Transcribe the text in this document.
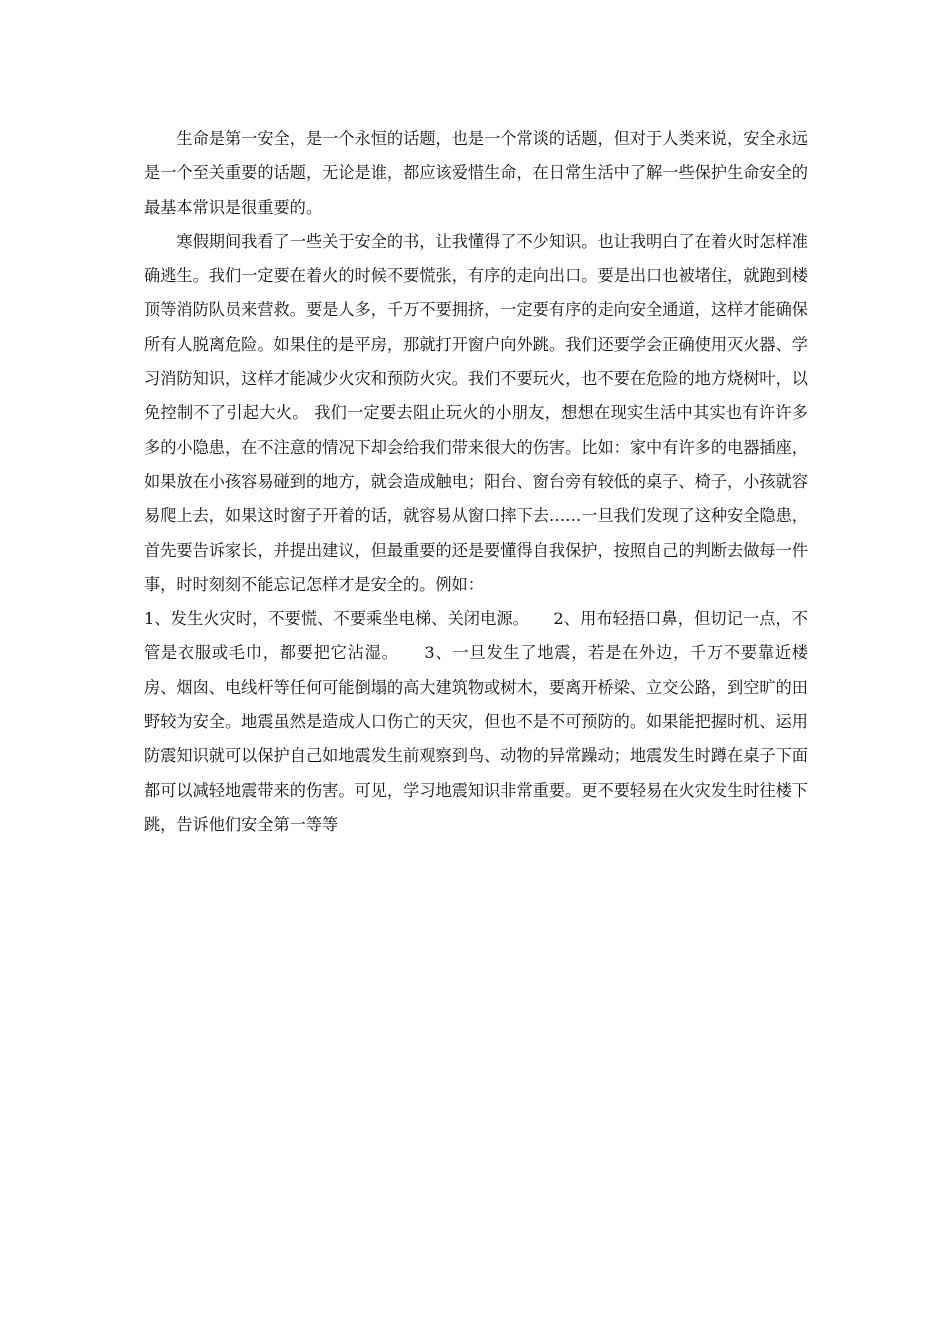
生命是第一安全，是一个永恒的话题，也是一个常谈的话题，但对于人类来说，安全永远是一个至关重要的话题，无论是谁，都应该爱惜生命，在日常生活中了解一些保护生命安全的最基本常识是很重要的。

寒假期间我看了一些关于安全的书，让我懂得了不少知识。也让我明白了在着火时怎样准确逃生。我们一定要在着火的时候不要慌张，有序的走向出口。要是出口也被堵住，就跑到楼顶等消防队员来营救。要是人多，千万不要拥挤，一定要有序的走向安全通道，这样才能确保所有人脱离危险。如果住的是平房，那就打开窗户向外跳。我们还要学会正确使用灭火器、学习消防知识，这样才能减少火灾和预防火灾。我们不要玩火，也不要在危险的地方烧树叶，以免控制不了引起大火。 我们一定要去阻止玩火的小朋友，想想在现实生活中其实也有许许多多的小隐患，在不注意的情况下却会给我们带来很大的伤害。比如：家中有许多的电器插座，如果放在小孩容易碰到的地方，就会造成触电；阳台、窗台旁有较低的桌子、椅子，小孩就容易爬上去，如果这时窗子开着的话，就容易从窗口摔下去……一旦我们发现了这种安全隐患，首先要告诉家长，并提出建议，但最重要的还是要懂得自我保护，按照自己的判断去做每一件事，时时刻刻不能忘记怎样才是安全的。例如：

1、发生火灾时，不要慌、不要乘坐电梯、关闭电源。　　2、用布轻捂口鼻，但切记一点，不管是衣服或毛巾，都要把它沾湿。　　3、一旦发生了地震，若是在外边，千万不要靠近楼房、烟囱、电线杆等任何可能倒塌的高大建筑物或树木，要离开桥梁、立交公路，到空旷的田野较为安全。地震虽然是造成人口伤亡的天灾，但也不是不可预防的。如果能把握时机、运用防震知识就可以保护自己如地震发生前观察到鸟、动物的异常躁动；地震发生时蹲在桌子下面都可以减轻地震带来的伤害。可见，学习地震知识非常重要。更不要轻易在火灾发生时往楼下跳，告诉他们安全第一等等
